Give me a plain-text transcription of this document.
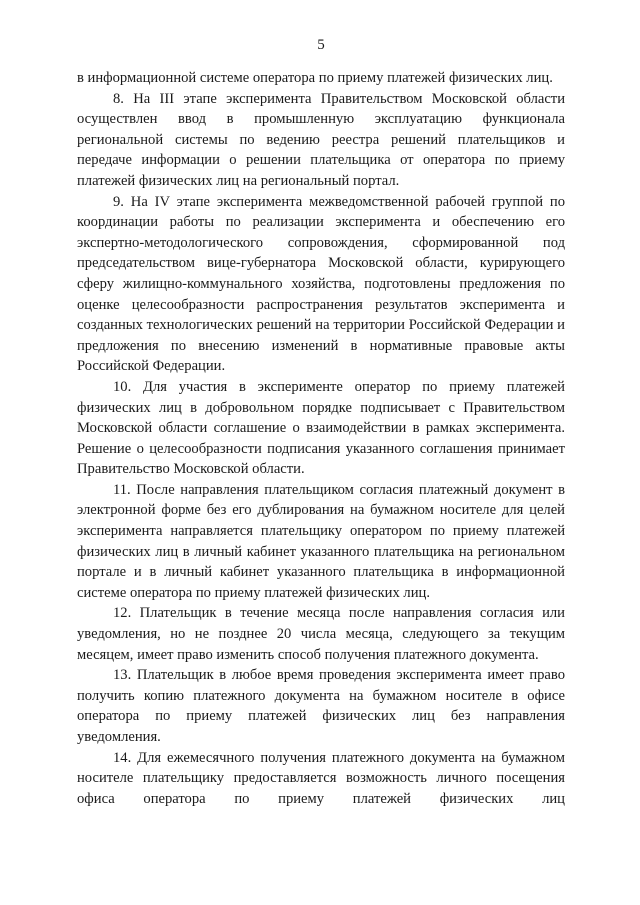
5

в информационной системе оператора по приему платежей физических лиц.

8. На III этапе эксперимента Правительством Московской области осуществлен ввод в промышленную эксплуатацию функционала региональной системы по ведению реестра решений плательщиков и передаче информации о решении плательщика от оператора по приему платежей физических лиц на региональный портал.

9. На IV этапе эксперимента межведомственной рабочей группой по координации работы по реализации эксперимента и обеспечению его экспертно-методологического сопровождения, сформированной под председательством вице-губернатора Московской области, курирующего сферу жилищно-коммунального хозяйства, подготовлены предложения по оценке целесообразности распространения результатов эксперимента и созданных технологических решений на территории Российской Федерации и предложения по внесению изменений в нормативные правовые акты Российской Федерации.

10. Для участия в эксперименте оператор по приему платежей физических лиц в добровольном порядке подписывает с Правительством Московской области соглашение о взаимодействии в рамках эксперимента. Решение о целесообразности подписания указанного соглашения принимает Правительство Московской области.

11. После направления плательщиком согласия платежный документ в электронной форме без его дублирования на бумажном носителе для целей эксперимента направляется плательщику оператором по приему платежей физических лиц в личный кабинет указанного плательщика на региональном портале и в личный кабинет указанного плательщика в информационной системе оператора по приему платежей физических лиц.

12. Плательщик в течение месяца после направления согласия или уведомления, но не позднее 20 числа месяца, следующего за текущим месяцем, имеет право изменить способ получения платежного документа.

13. Плательщик в любое время проведения эксперимента имеет право получить копию платежного документа на бумажном носителе в офисе оператора по приему платежей физических лиц без направления уведомления.

14. Для ежемесячного получения платежного документа на бумажном носителе плательщику предоставляется возможность личного посещения офиса оператора по приему платежей физических лиц
